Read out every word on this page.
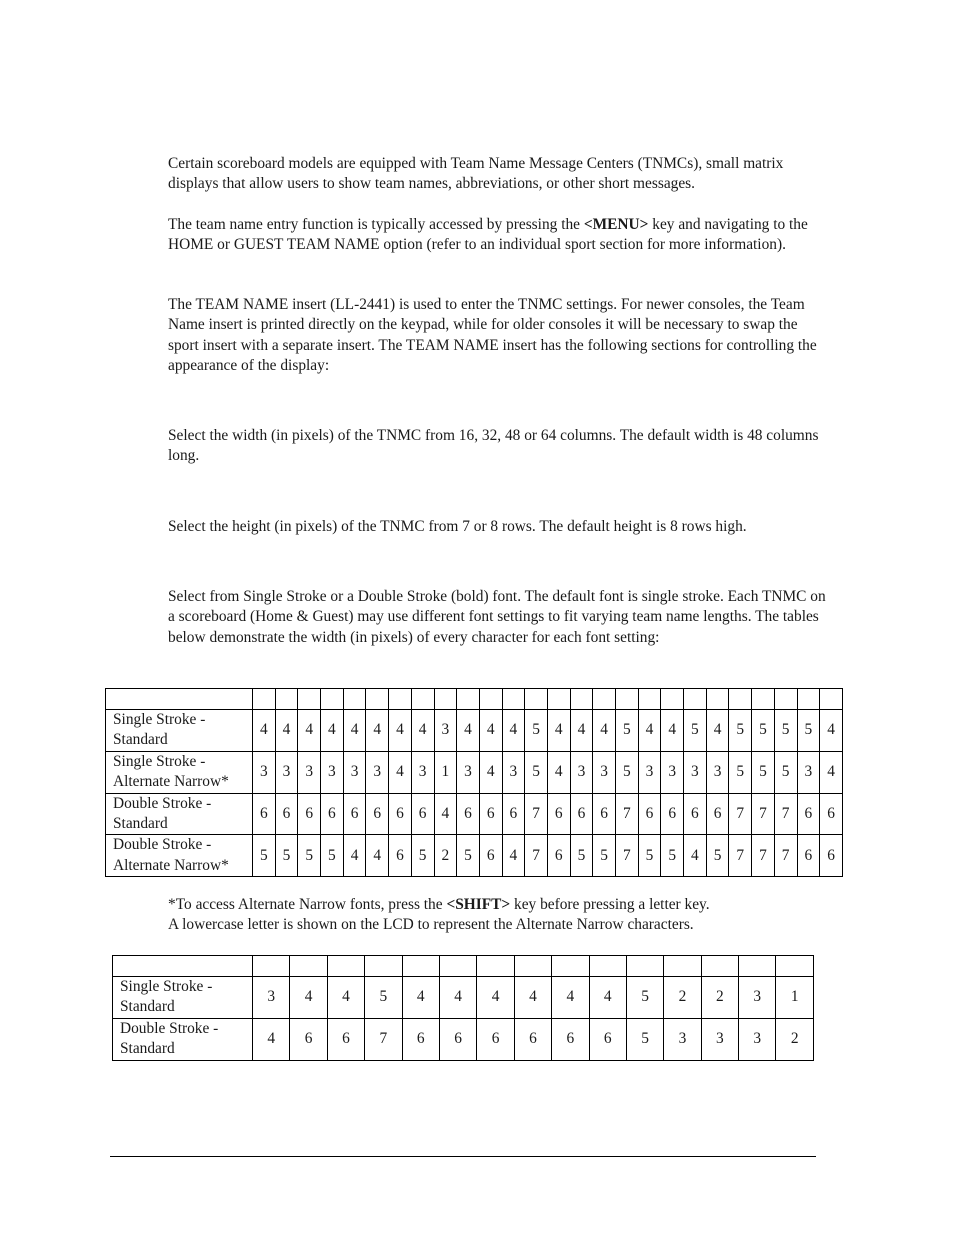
Certain scoreboard models are equipped with Team Name Message Centers (TNMCs), small matrix displays that allow users to show team names, abbreviations, or other short messages.

The team name entry function is typically accessed by pressing the <MENU> key and navigating to the HOME or GUEST TEAM NAME option (refer to an individual sport section for more information).

The TEAM NAME insert (LL-2441) is used to enter the TNMC settings. For newer consoles, the Team Name insert is printed directly on the keypad, while for older consoles it will be necessary to swap the sport insert with a separate insert. The TEAM NAME insert has the following sections for controlling the appearance of the display:

Select the width (in pixels) of the TNMC from 16, 32, 48 or 64 columns. The default width is 48 columns long.

Select the height (in pixels) of the TNMC from 7 or 8 rows. The default height is 8 rows high.

Select from Single Stroke or a Double Stroke (bold) font. The default font is single stroke. Each TNMC on a scoreboard (Home & Guest) may use different font settings to fit varying team name lengths. The tables below demonstrate the width (in pixels) of every character for each font setting:

Single Stroke - Standard	4	4	4	4	4	4	4	4	3	4	4	4	5	4	4	4	5	4	4	5	4	5	5	5	5	4
Single Stroke - Alternate Narrow*	3	3	3	3	3	3	4	3	1	3	4	3	5	4	3	3	5	3	3	3	3	5	5	5	3	4
Double Stroke - Standard	6	6	6	6	6	6	6	6	4	6	6	6	7	6	6	6	7	6	6	6	6	7	7	7	6	6
Double Stroke - Alternate Narrow*	5	5	5	5	4	4	6	5	2	5	6	4	7	6	5	5	7	5	5	4	5	7	7	7	6	6

*To access Alternate Narrow fonts, press the <SHIFT> key before pressing a letter key.
A lowercase letter is shown on the LCD to represent the Alternate Narrow characters.

Single Stroke - Standard	3	4	4	5	4	4	4	4	4	4	5	2	2	3	1
Double Stroke - Standard	4	6	6	7	6	6	6	6	6	6	5	3	3	3	2
